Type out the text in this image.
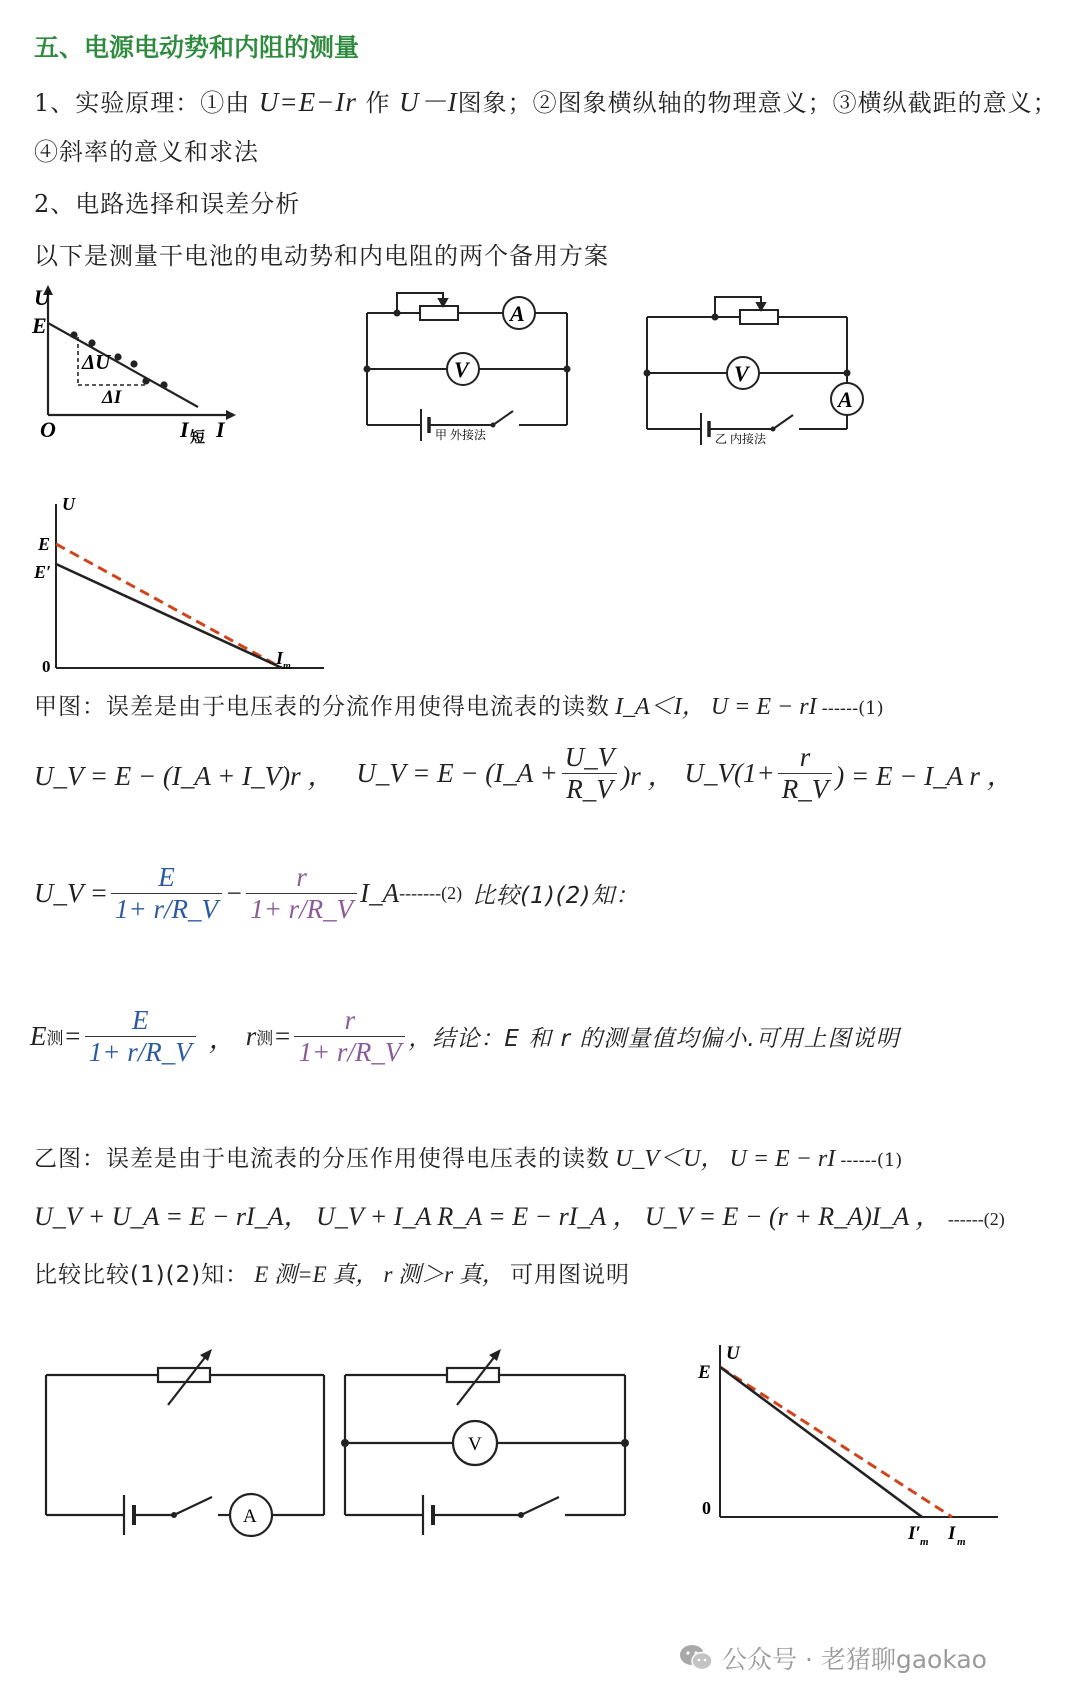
五、电源电动势和内阻的测量
1、实验原理：①由 U=E−Ir 作 U－I图象；②图象横纵轴的物理意义；③横纵截距的意义；
④斜率的意义和求法
2、电路选择和误差分析
以下是测量干电池的电动势和内电阻的两个备用方案
U
E
ΔU
ΔI
O	I 短 I
A
V
甲 外接法
V
A
乙 内接法
U
E
E′
0	I m
甲图：误差是由于电压表的分流作用使得电流表的读数 I_A＜I， U = E − rI ------(1)
U_V = E − (I_A + I_V)r ， U_V = E − (I_A + $\frac{U\_V}{R\_V} )r$ ， U_V(1+ $\frac{r}{R\_V}$ ) = E − I_A r ，
U_V = $\frac{E}{1+ r/R\_V} - \frac{r}{1+ r/R\_V}$ I_A -------(2) 比较(1)(2)知：
E 测 = $\frac{E}{1+ r/R\_V}$ ， r 测 = $\frac{r}{1+ r/R\_V}$ ，结论：E 和 r 的测量值均偏小.可用上图说明
乙图：误差是由于电流表的分压作用使得电压表的读数 U_V＜U， U = E − rI ------(1)
U_V + U_A = E − rI_A， U_V + I_A R_A = E − rI_A ， U_V = E − (r + R_A)I_A ， ------(2)
比较比较(1)(2)知： E 测=E 真， r 测＞r 真， 可用图说明
A
V
U
E
0
I′ m I m
公众号 · 老猪聊gaokao
